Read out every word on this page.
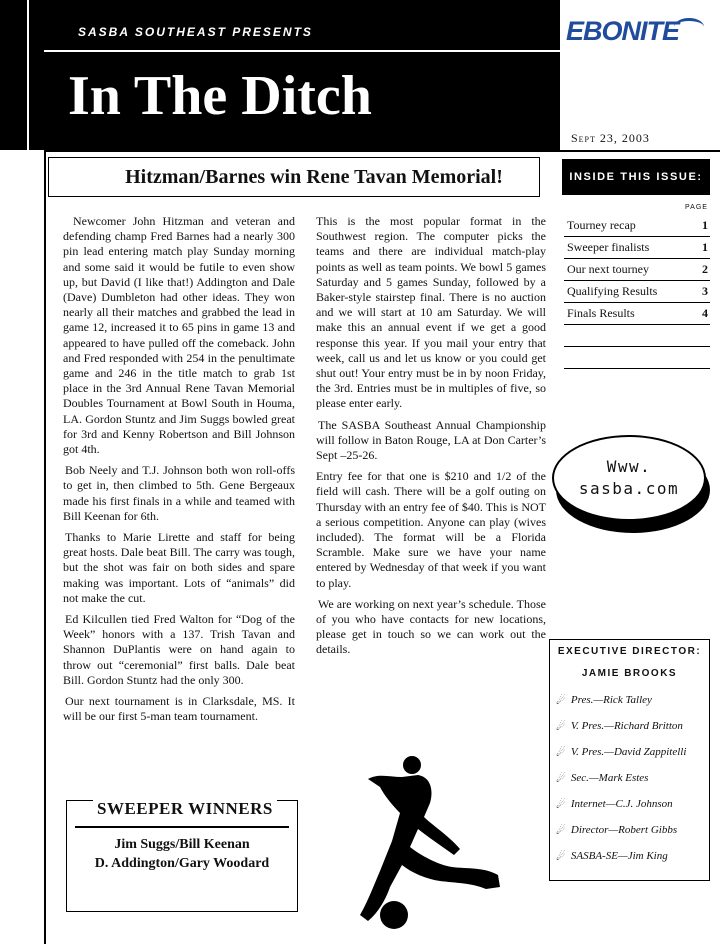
SASBA SOUTHEAST PRESENTS
In The Ditch
EBONITE
Sept 23, 2003
Hitzman/Barnes win Rene Tavan Memorial!	INSIDE THIS ISSUE:
PAGE
Tourney recap	1
Sweeper finalists	1
Our next tourney	2
Qualifying Results	3
Finals Results	4

Newcomer John Hitzman and veteran and defending champ Fred Barnes had a nearly 300 pin lead entering match play Sunday morning and some said it would be futile to even show up, but David (I like that!) Addington and Dale (Dave) Dumbleton had other ideas. They won nearly all their matches and grabbed the lead in game 12, increased it to 65 pins in game 13 and appeared to have pulled off the comeback. John and Fred responded with 254 in the penultimate game and 246 in the title match to grab 1st place in the 3rd Annual Rene Tavan Memorial Doubles Tournament at Bowl South in Houma, LA. Gordon Stuntz and Jim Suggs bowled great for 3rd and Kenny Robertson and Bill Johnson got 4th.

Bob Neely and T.J. Johnson both won roll-offs to get in, then climbed to 5th. Gene Bergeaux made his first finals in a while and teamed with Bill Keenan for 6th.

Thanks to Marie Lirette and staff for being great hosts. Dale beat Bill. The carry was tough, but the shot was fair on both sides and spare making was important. Lots of “animals” did not make the cut.

Ed Kilcullen tied Fred Walton for “Dog of the Week” honors with a 137. Trish Tavan and Shannon DuPlantis were on hand again to throw out “ceremonial” first balls. Dale beat Bill. Gordon Stuntz had the only 300.

Our next tournament is in Clarksdale, MS. It will be our first 5-man team tournament.

This is the most popular format in the Southwest region. The computer picks the teams and there are individual match-play points as well as team points. We bowl 5 games Saturday and 5 games Sunday, followed by a Baker-style stairstep final. There is no auction and we will start at 10 am Saturday. We will make this an annual event if we get a good response this year. If you mail your entry that week, call us and let us know or you could get shut out! Your entry must be in by noon Friday, the 3rd. Entries must be in multiples of five, so please enter early.

The SASBA Southeast Annual Championship will follow in Baton Rouge, LA at Don Carter’s Sept –25-26.

Entry fee for that one is $210 and 1/2 of the field will cash. There will be a golf outing on Thursday with an entry fee of $40. This is NOT a serious competition. Anyone can play (wives included). The format will be a Florida Scramble. Make sure we have your name entered by Wednesday of that week if you want to play.

We are working on next year’s schedule. Those of you who have contacts for new locations, please get in touch so we can work out the details.

Www.
sasba.com
EXECUTIVE DIRECTOR:
JAMIE BROOKS
☄ Pres.—Rick Talley
☄ V. Pres.—Richard Britton
☄ V. Pres.—David Zappitelli
☄ Sec.—Mark Estes
☄ Internet—C.J. Johnson
☄ Director—Robert Gibbs
☄ SASBA-SE—Jim King
SWEEPER WINNERS
Jim Suggs/Bill Keenan
D. Addington/Gary Woodard
